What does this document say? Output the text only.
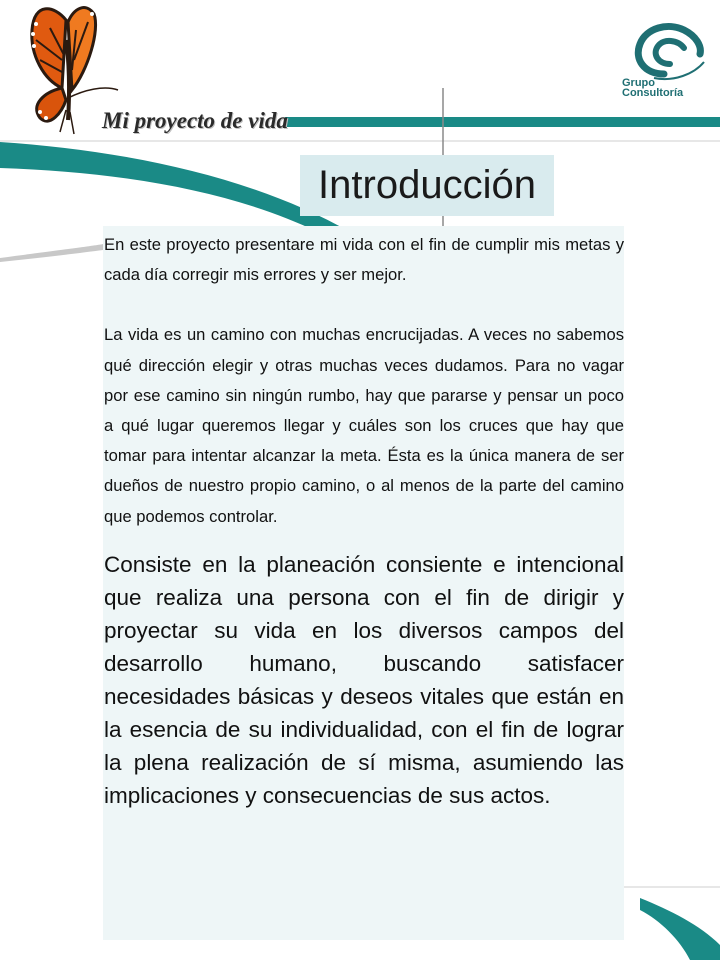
Grupo
Consultoría
Mi proyecto de vida
Introducción

En este proyecto presentare mi vida con el fin de cumplir mis metas y cada día corregir mis errores y ser mejor.

La vida es un camino con muchas encrucijadas. A veces no sabemos qué dirección elegir y otras muchas veces dudamos. Para no vagar por ese camino sin ningún rumbo, hay que pararse y pensar un poco a qué lugar queremos llegar y cuáles son los cruces que hay que tomar para intentar alcanzar la meta. Ésta es la única manera de ser dueños de nuestro propio camino, o al menos de la parte del camino que podemos controlar.

Consiste en la planeación consiente e intencional que realiza una persona con el fin de dirigir y proyectar su vida en los diversos campos del desarrollo humano, buscando satisfacer necesidades básicas y deseos vitales que están en la esencia de su individualidad, con el fin de lograr la plena realización de sí misma, asumiendo las implicaciones y consecuencias de sus actos.
